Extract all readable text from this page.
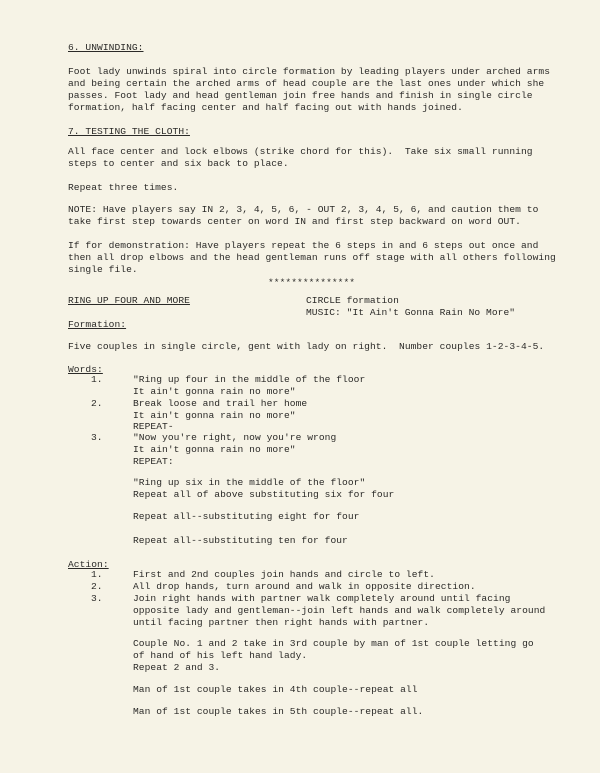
6. UNWINDING:
Foot lady unwinds spiral into circle formation by leading players under arched arms
and being certain the arched arms of head couple are the last ones under which she
passes. Foot lady and head gentleman join free hands and finish in single circle
formation, half facing center and half facing out with hands joined.
7. TESTING THE CLOTH:
All face center and lock elbows (strike chord for this).  Take six small running
steps to center and six back to place.
Repeat three times.
NOTE: Have players say IN 2, 3, 4, 5, 6, - OUT 2, 3, 4, 5, 6, and caution them to
take first step towards center on word IN and first step backward on word OUT.
If for demonstration: Have players repeat the 6 steps in and 6 steps out once and
then all drop elbows and the head gentleman runs off stage with all others following
single file.
***************
RING UP FOUR AND MORE	CIRCLE formation
MUSIC: "It Ain't Gonna Rain No More"
Formation:
Five couples in single circle, gent with lady on right.  Number couples 1-2-3-4-5.
Words:
1.	"Ring up four in the middle of the floor
It ain't gonna rain no more"
2.	Break loose and trail her home
It ain't gonna rain no more"
REPEAT-
3.	"Now you're right, now you're wrong
It ain't gonna rain no more"
REPEAT:
"Ring up six in the middle of the floor"
Repeat all of above substituting six for four
Repeat all--substituting eight for four
Repeat all--substituting ten for four
Action:
1.	First and 2nd couples join hands and circle to left.
2.	All drop hands, turn around and walk in opposite direction.
3.	Join right hands with partner walk completely around until facing
opposite lady and gentleman--join left hands and walk completely around
until facing partner then right hands with partner.
Couple No. 1 and 2 take in 3rd couple by man of 1st couple letting go
of hand of his left hand lady.
Repeat 2 and 3.
Man of 1st couple takes in 4th couple--repeat all
Man of 1st couple takes in 5th couple--repeat all.
